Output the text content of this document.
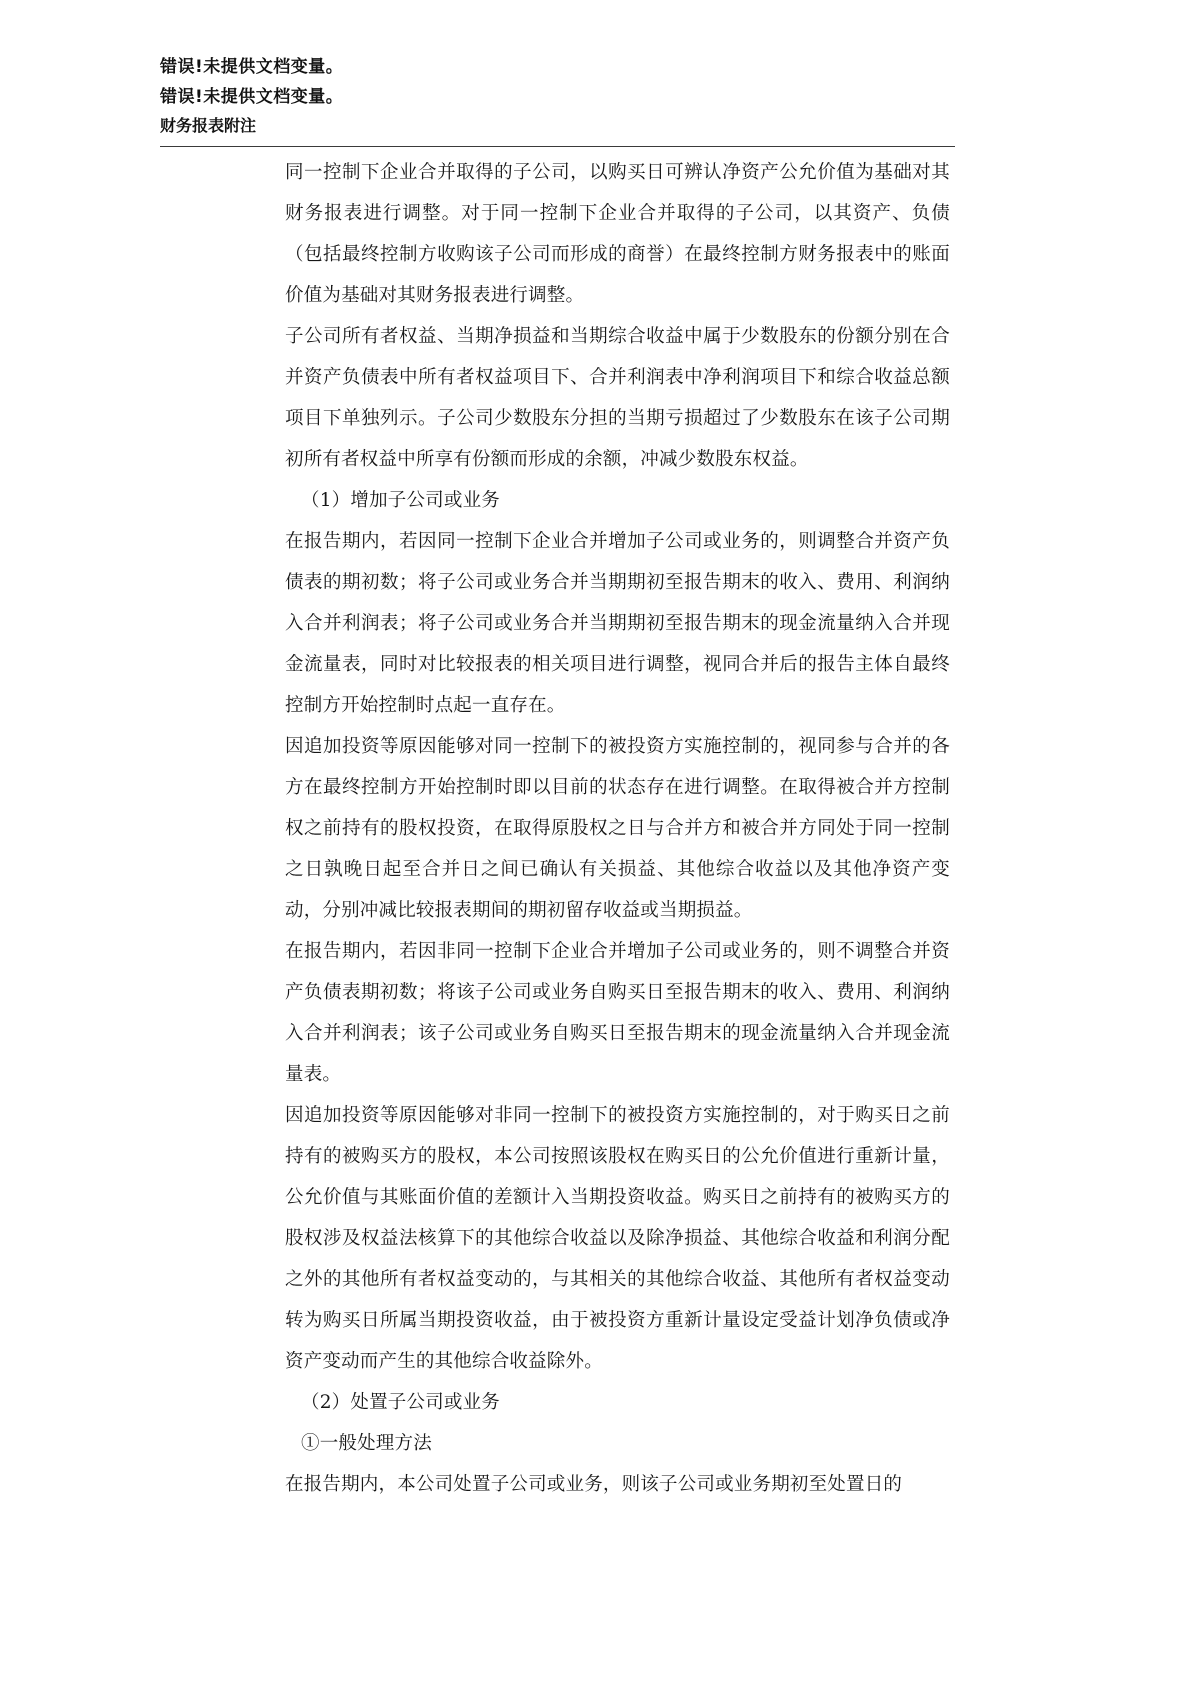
错误!未提供文档变量。
错误!未提供文档变量。
财务报表附注

同一控制下企业合并取得的子公司，以购买日可辨认净资产公允价值为基础对其财务报表进行调整。对于同一控制下企业合并取得的子公司，以其资产、负债（包括最终控制方收购该子公司而形成的商誉）在最终控制方财务报表中的账面价值为基础对其财务报表进行调整。

子公司所有者权益、当期净损益和当期综合收益中属于少数股东的份额分别在合并资产负债表中所有者权益项目下、合并利润表中净利润项目下和综合收益总额项目下单独列示。子公司少数股东分担的当期亏损超过了少数股东在该子公司期初所有者权益中所享有份额而形成的余额，冲减少数股东权益。

（1）增加子公司或业务

在报告期内，若因同一控制下企业合并增加子公司或业务的，则调整合并资产负债表的期初数；将子公司或业务合并当期期初至报告期末的收入、费用、利润纳入合并利润表；将子公司或业务合并当期期初至报告期末的现金流量纳入合并现金流量表，同时对比较报表的相关项目进行调整，视同合并后的报告主体自最终控制方开始控制时点起一直存在。

因追加投资等原因能够对同一控制下的被投资方实施控制的，视同参与合并的各方在最终控制方开始控制时即以目前的状态存在进行调整。在取得被合并方控制权之前持有的股权投资，在取得原股权之日与合并方和被合并方同处于同一控制之日孰晚日起至合并日之间已确认有关损益、其他综合收益以及其他净资产变动，分别冲减比较报表期间的期初留存收益或当期损益。

在报告期内，若因非同一控制下企业合并增加子公司或业务的，则不调整合并资产负债表期初数；将该子公司或业务自购买日至报告期末的收入、费用、利润纳入合并利润表；该子公司或业务自购买日至报告期末的现金流量纳入合并现金流量表。

因追加投资等原因能够对非同一控制下的被投资方实施控制的，对于购买日之前持有的被购买方的股权，本公司按照该股权在购买日的公允价值进行重新计量，公允价值与其账面价值的差额计入当期投资收益。购买日之前持有的被购买方的股权涉及权益法核算下的其他综合收益以及除净损益、其他综合收益和利润分配之外的其他所有者权益变动的，与其相关的其他综合收益、其他所有者权益变动转为购买日所属当期投资收益，由于被投资方重新计量设定受益计划净负债或净资产变动而产生的其他综合收益除外。

（2）处置子公司或业务

①一般处理方法

在报告期内，本公司处置子公司或业务，则该子公司或业务期初至处置日的
